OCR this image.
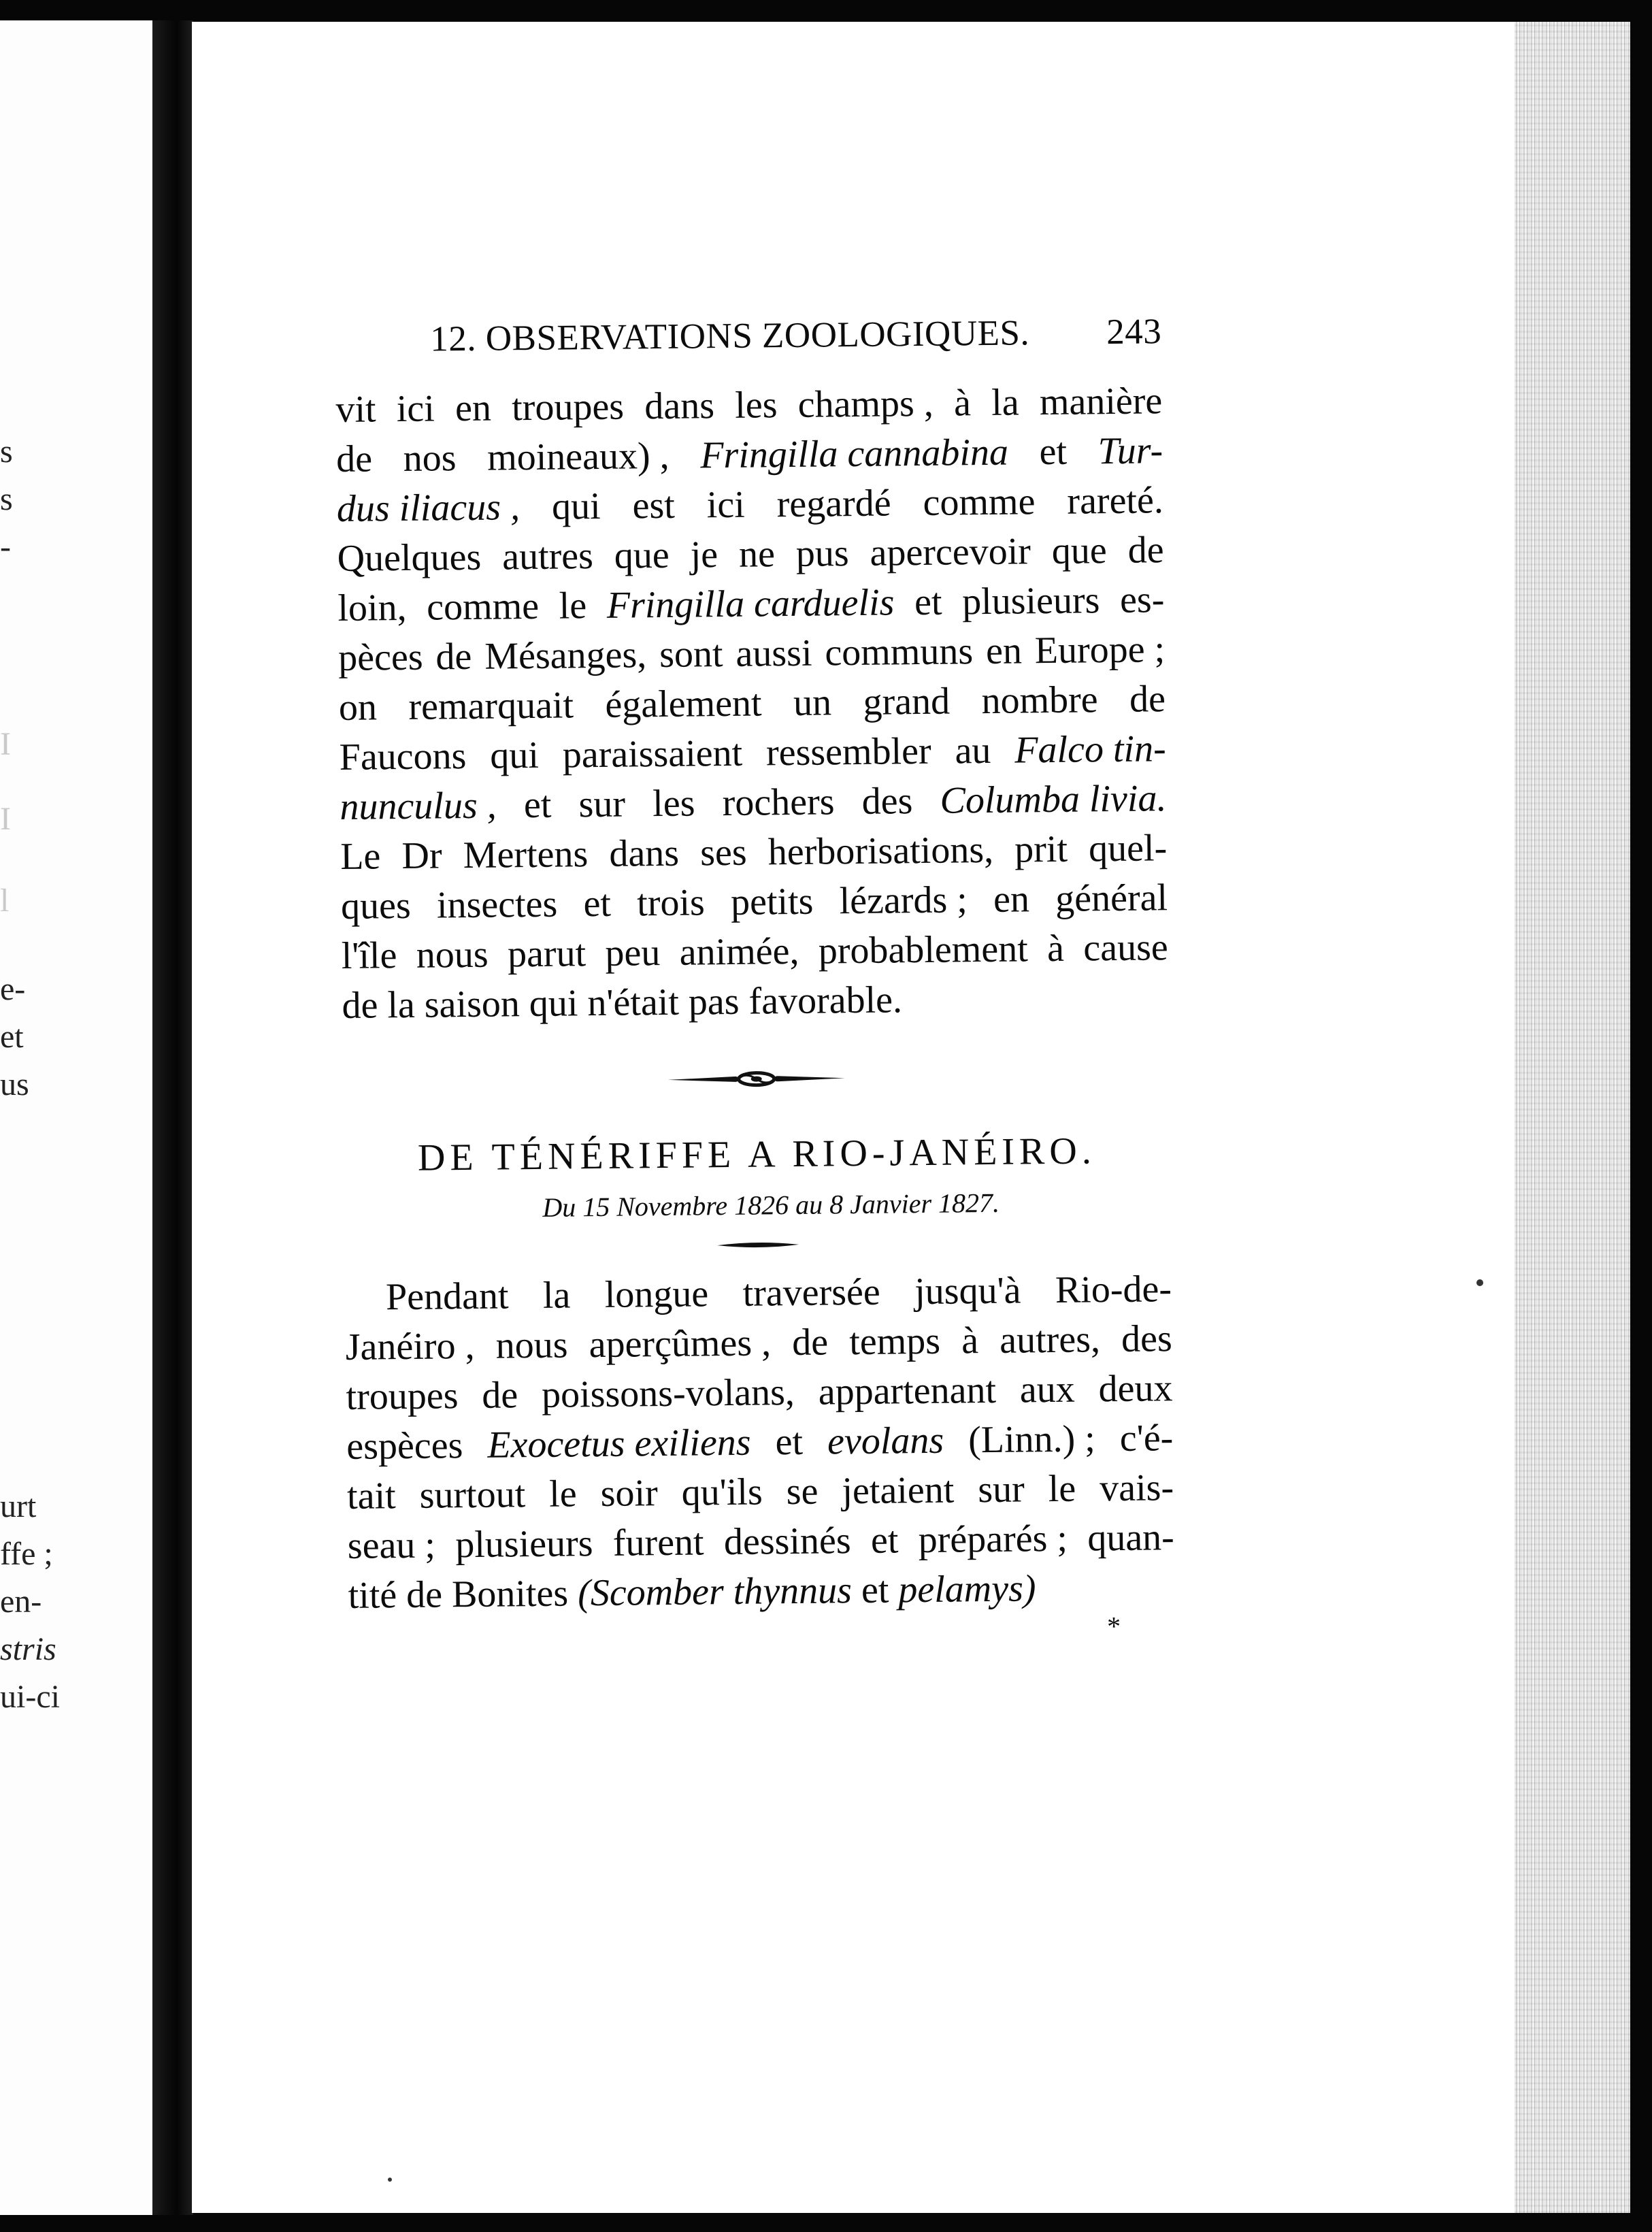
s
s
-
I
I
l
e-
et
us
urt
ffe ;
en-
stris
ui-ci
12. OBSERVATIONS ZOOLOGIQUES. 243
vit ici en troupes dans les champs , à la manière
de nos moineaux) , Fringilla cannabina et Tur-
dus iliacus , qui est ici regardé comme rareté.
Quelques autres que je ne pus apercevoir que de
loin, comme le Fringilla carduelis et plusieurs es-
pèces de Mésanges, sont aussi communs en Europe ;
on remarquait également un grand nombre de
Faucons qui paraissaient ressembler au Falco tin-
nunculus , et sur les rochers des Columba livia.
Le Dr Mertens dans ses herborisations, prit quel-
ques insectes et trois petits lézards ; en général
l'île nous parut peu animée, probablement à cause
de la saison qui n'était pas favorable.
DE TÉNÉRIFFE A RIO-JANÉIRO.
Du 15 Novembre 1826 au 8 Janvier 1827.
Pendant la longue traversée jusqu'à Rio-de-
Janéiro , nous aperçûmes , de temps à autres, des
troupes de poissons-volans, appartenant aux deux
espèces Exocetus exiliens et evolans (Linn.) ; c'é-
tait surtout le soir qu'ils se jetaient sur le vais-
seau ; plusieurs furent dessinés et préparés ; quan-
tité de Bonites (Scomber thynnus et pelamys)
*
